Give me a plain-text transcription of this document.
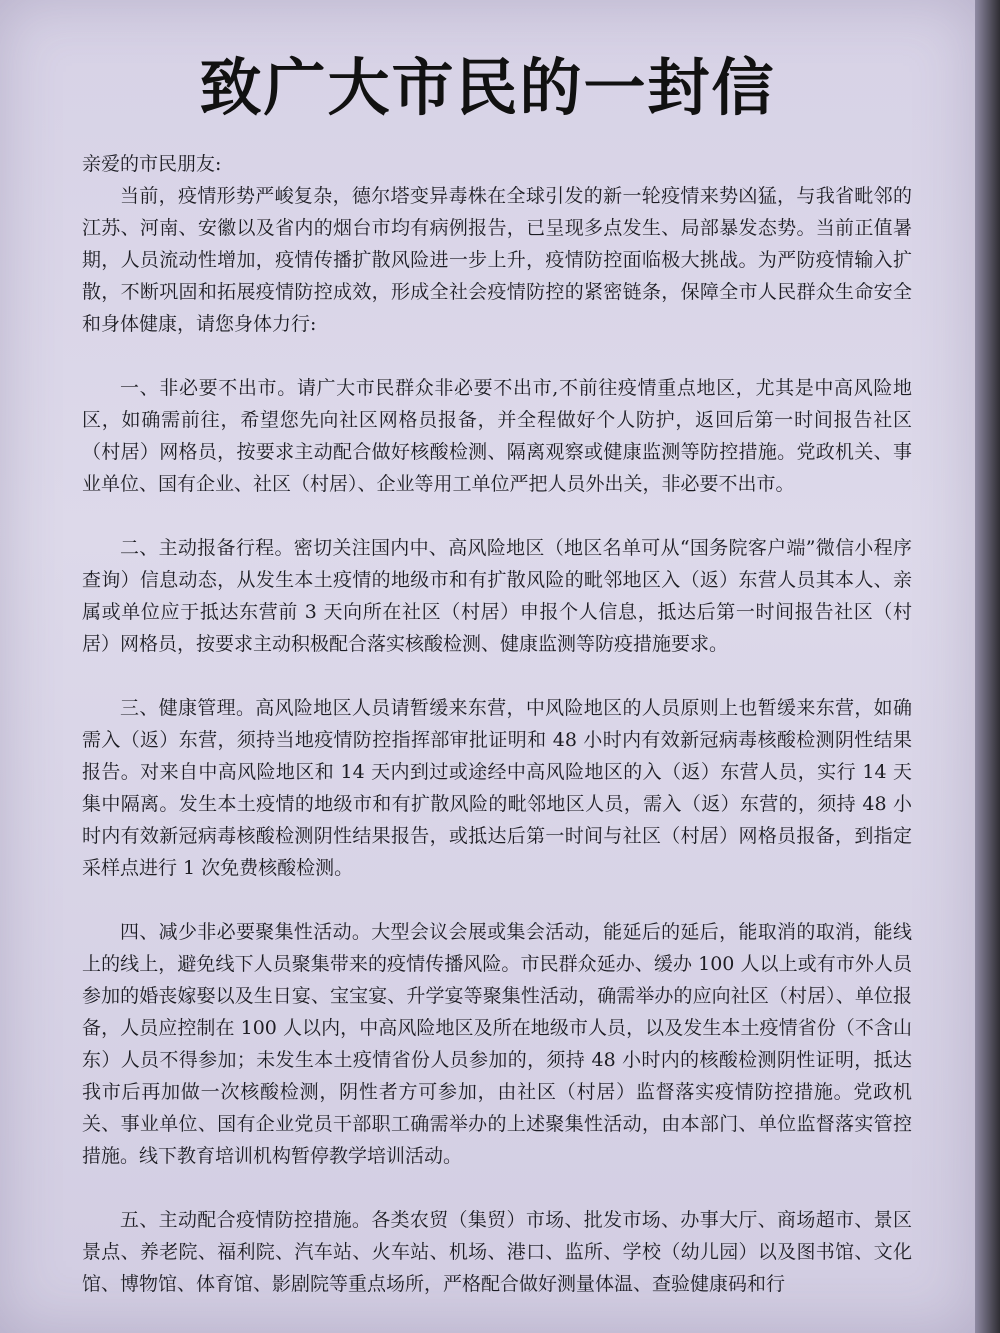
致广大市民的一封信

亲爱的市民朋友:

当前，疫情形势严峻复杂，德尔塔变异毒株在全球引发的新一轮疫情来势凶猛，与我省毗邻的江苏、河南、安徽以及省内的烟台市均有病例报告，已呈现多点发生、局部暴发态势。当前正值暑期，人员流动性增加，疫情传播扩散风险进一步上升，疫情防控面临极大挑战。为严防疫情输入扩散，不断巩固和拓展疫情防控成效，形成全社会疫情防控的紧密链条，保障全市人民群众生命安全和身体健康，请您身体力行:

一、非必要不出市。请广大市民群众非必要不出市,不前往疫情重点地区，尤其是中高风险地区，如确需前往，希望您先向社区网格员报备，并全程做好个人防护，返回后第一时间报告社区（村居）网格员，按要求主动配合做好核酸检测、隔离观察或健康监测等防控措施。党政机关、事业单位、国有企业、社区（村居）、企业等用工单位严把人员外出关，非必要不出市。

二、主动报备行程。密切关注国内中、高风险地区（地区名单可从“国务院客户端”微信小程序查询）信息动态，从发生本土疫情的地级市和有扩散风险的毗邻地区入（返）东营人员其本人、亲属或单位应于抵达东营前 3 天向所在社区（村居）申报个人信息，抵达后第一时间报告社区（村居）网格员，按要求主动积极配合落实核酸检测、健康监测等防疫措施要求。

三、健康管理。高风险地区人员请暂缓来东营，中风险地区的人员原则上也暂缓来东营，如确需入（返）东营，须持当地疫情防控指挥部审批证明和 48 小时内有效新冠病毒核酸检测阴性结果报告。对来自中高风险地区和 14 天内到过或途经中高风险地区的入（返）东营人员，实行 14 天集中隔离。发生本土疫情的地级市和有扩散风险的毗邻地区人员，需入（返）东营的，须持 48 小时内有效新冠病毒核酸检测阴性结果报告，或抵达后第一时间与社区（村居）网格员报备，到指定采样点进行 1 次免费核酸检测。

四、减少非必要聚集性活动。大型会议会展或集会活动，能延后的延后，能取消的取消，能线上的线上，避免线下人员聚集带来的疫情传播风险。市民群众延办、缓办 100 人以上或有市外人员参加的婚丧嫁娶以及生日宴、宝宝宴、升学宴等聚集性活动，确需举办的应向社区（村居）、单位报备，人员应控制在 100 人以内，中高风险地区及所在地级市人员，以及发生本土疫情省份（不含山东）人员不得参加；未发生本土疫情省份人员参加的，须持 48 小时内的核酸检测阴性证明，抵达我市后再加做一次核酸检测，阴性者方可参加，由社区（村居）监督落实疫情防控措施。党政机关、事业单位、国有企业党员干部职工确需举办的上述聚集性活动，由本部门、单位监督落实管控措施。线下教育培训机构暂停教学培训活动。

五、主动配合疫情防控措施。各类农贸（集贸）市场、批发市场、办事大厅、商场超市、景区景点、养老院、福利院、汽车站、火车站、机场、港口、监所、学校（幼儿园）以及图书馆、文化馆、博物馆、体育馆、影剧院等重点场所，严格配合做好测量体温、查验健康码和行
